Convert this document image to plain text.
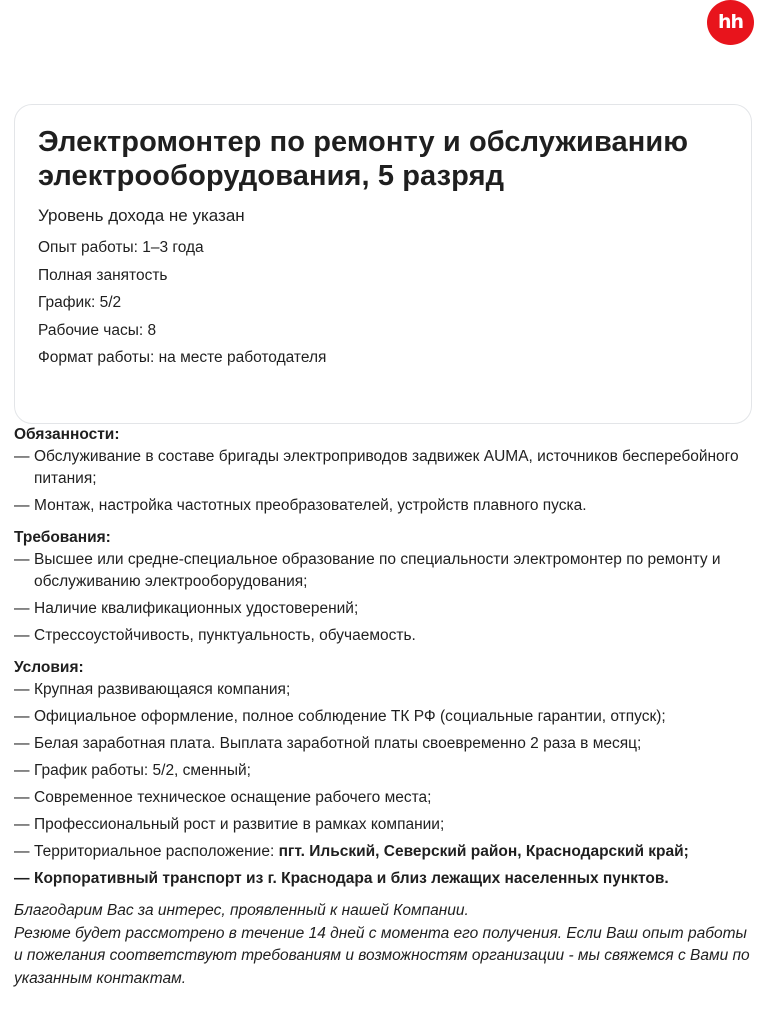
hh
Электромонтер по ремонту и обслуживанию электрооборудования, 5 разряд
Уровень дохода не указан
Опыт работы: 1–3 года
Полная занятость
График: 5/2
Рабочие часы: 8
Формат работы: на месте работодателя
Обязанности:
— Обслуживание в составе бригады электроприводов задвижек AUMA, источников бесперебойного питания;
— Монтаж, настройка частотных преобразователей, устройств плавного пуска.
Требования:
— Высшее или средне-специальное образование по специальности электромонтер по ремонту и обслуживанию электрооборудования;
— Наличие квалификационных удостоверений;
— Стрессоустойчивость, пунктуальность, обучаемость.
Условия:
— Крупная развивающаяся компания;
— Официальное оформление, полное соблюдение ТК РФ (социальные гарантии, отпуск);
— Белая заработная плата. Выплата заработной платы своевременно 2 раза в месяц;
— График работы: 5/2, сменный;
— Современное техническое оснащение рабочего места;
— Профессиональный рост и развитие в рамках компании;
— Территориальное расположение: пгт. Ильский, Северский район, Краснодарский край;
— Корпоративный транспорт из г. Краснодара и близ лежащих населенных пунктов.
Благодарим Вас за интерес, проявленный к нашей Компании.
Резюме будет рассмотрено в течение 14 дней с момента его получения. Если Ваш опыт работы и пожелания соответствуют требованиям и возможностям организации - мы свяжемся с Вами по указанным контактам.
